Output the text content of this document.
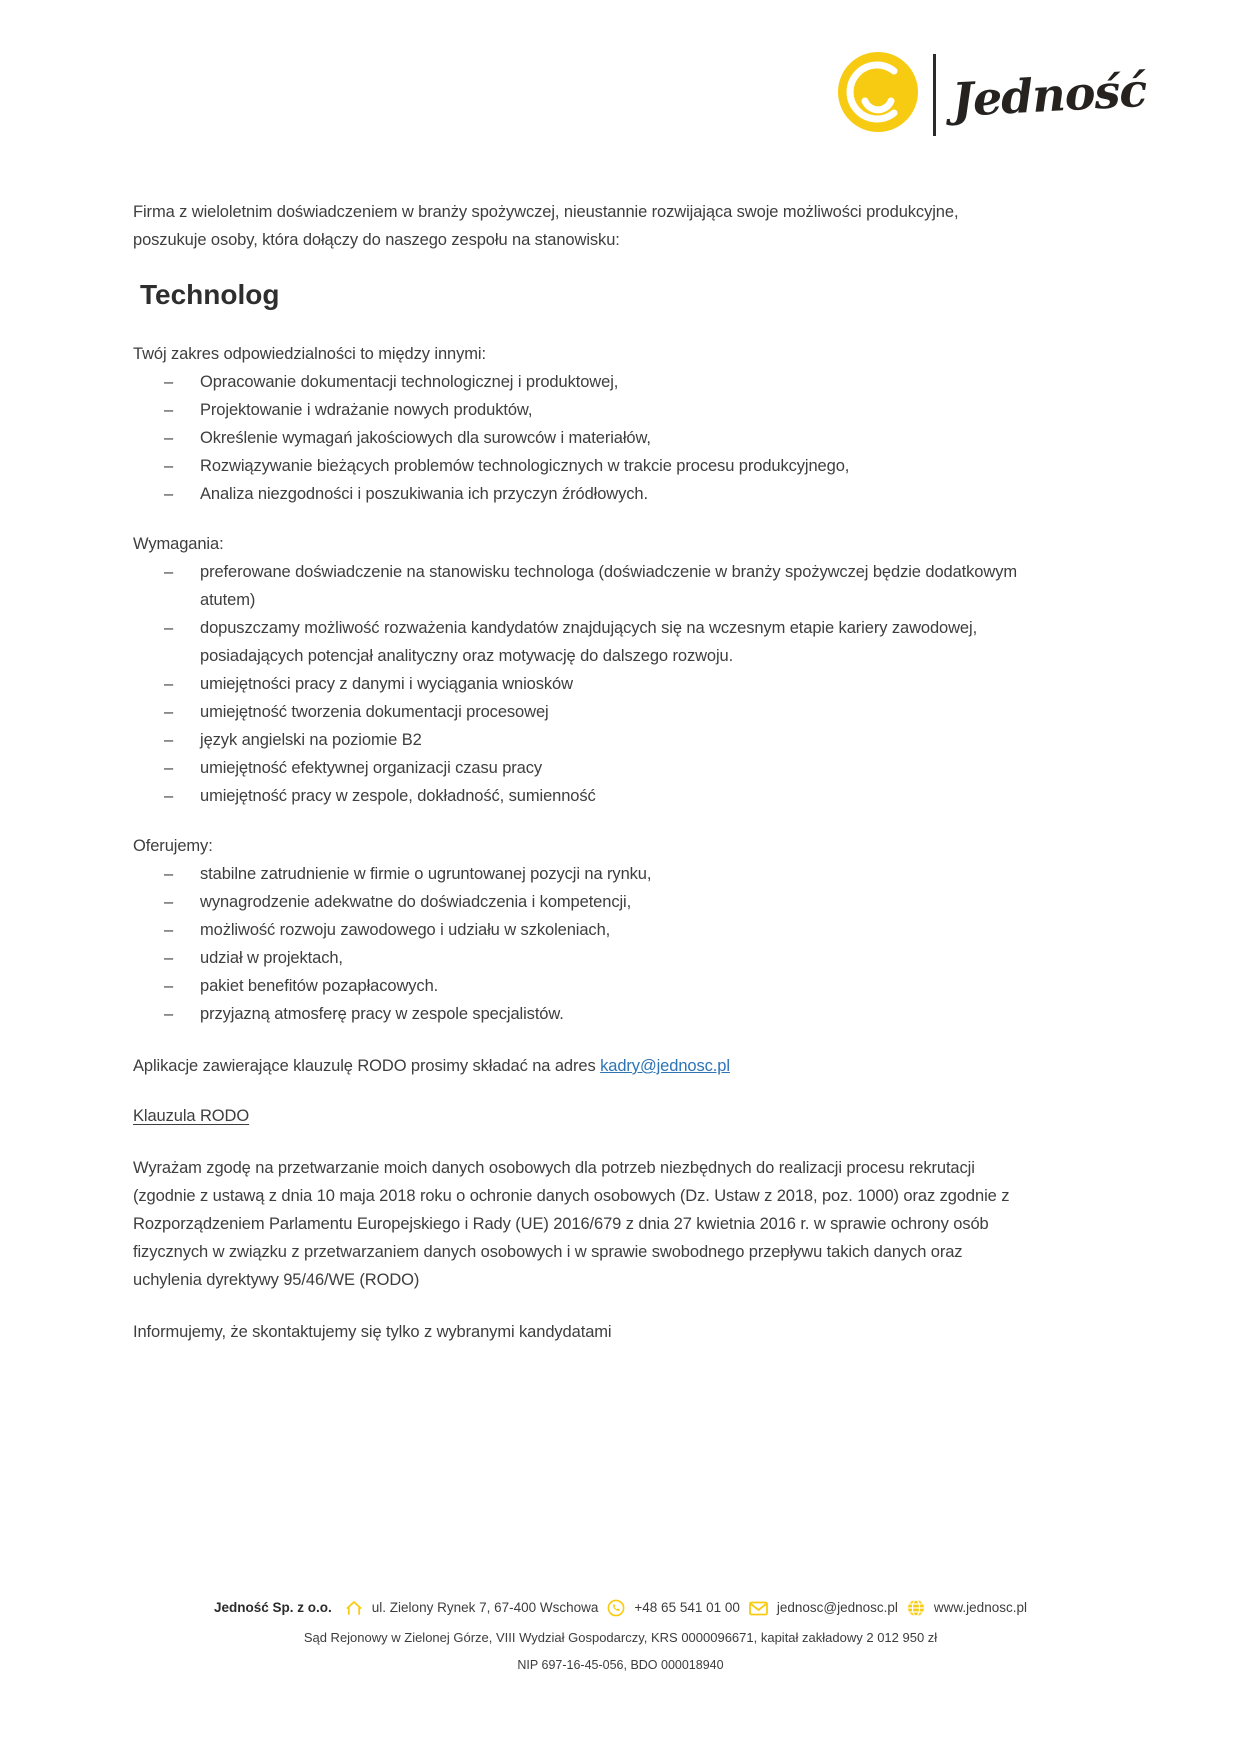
Jedność

Firma z wieloletnim doświadczeniem w branży spożywczej, nieustannie rozwijająca swoje możliwości produkcyjne, poszukuje osoby, która dołączy do naszego zespołu na stanowisku:

Technolog

Twój zakres odpowiedzialności to między innymi:

– Opracowanie dokumentacji technologicznej i produktowej,
– Projektowanie i wdrażanie nowych produktów,
– Określenie wymagań jakościowych dla surowców i materiałów,
– Rozwiązywanie bieżących problemów technologicznych w trakcie procesu produkcyjnego,
– Analiza niezgodności i poszukiwania ich przyczyn źródłowych.

Wymagania:

– preferowane doświadczenie na stanowisku technologa (doświadczenie w branży spożywczej będzie dodatkowym atutem)
– dopuszczamy możliwość rozważenia kandydatów znajdujących się na wczesnym etapie kariery zawodowej, posiadających potencjał analityczny oraz motywację do dalszego rozwoju.
– umiejętności pracy z danymi i wyciągania wniosków
– umiejętność tworzenia dokumentacji procesowej
– język angielski na poziomie B2
– umiejętność efektywnej organizacji czasu pracy
– umiejętność pracy w zespole, dokładność, sumienność

Oferujemy:

– stabilne zatrudnienie w firmie o ugruntowanej pozycji na rynku,
– wynagrodzenie adekwatne do doświadczenia i kompetencji,
– możliwość rozwoju zawodowego i udziału w szkoleniach,
– udział w projektach,
– pakiet benefitów pozapłacowych.
– przyjazną atmosferę pracy w zespole specjalistów.

Aplikacje zawierające klauzulę RODO prosimy składać na adres kadry@jednosc.pl

Klauzula RODO

Wyrażam zgodę na przetwarzanie moich danych osobowych dla potrzeb niezbędnych do realizacji procesu rekrutacji (zgodnie z ustawą z dnia 10 maja 2018 roku o ochronie danych osobowych (Dz. Ustaw z 2018, poz. 1000) oraz zgodnie z Rozporządzeniem Parlamentu Europejskiego i Rady (UE) 2016/679 z dnia 27 kwietnia 2016 r. w sprawie ochrony osób fizycznych w związku z przetwarzaniem danych osobowych i w sprawie swobodnego przepływu takich danych oraz uchylenia dyrektywy 95/46/WE (RODO)

Informujemy, że skontaktujemy się tylko z wybranymi kandydatami

Jedność Sp. z o.o.	ul. Zielony Rynek 7, 67-400 Wschowa	+48 65 541 01 00	jednosc@jednosc.pl	www.jednosc.pl
Sąd Rejonowy w Zielonej Górze, VIII Wydział Gospodarczy, KRS 0000096671, kapitał zakładowy 2 012 950 zł
NIP 697-16-45-056, BDO 000018940
